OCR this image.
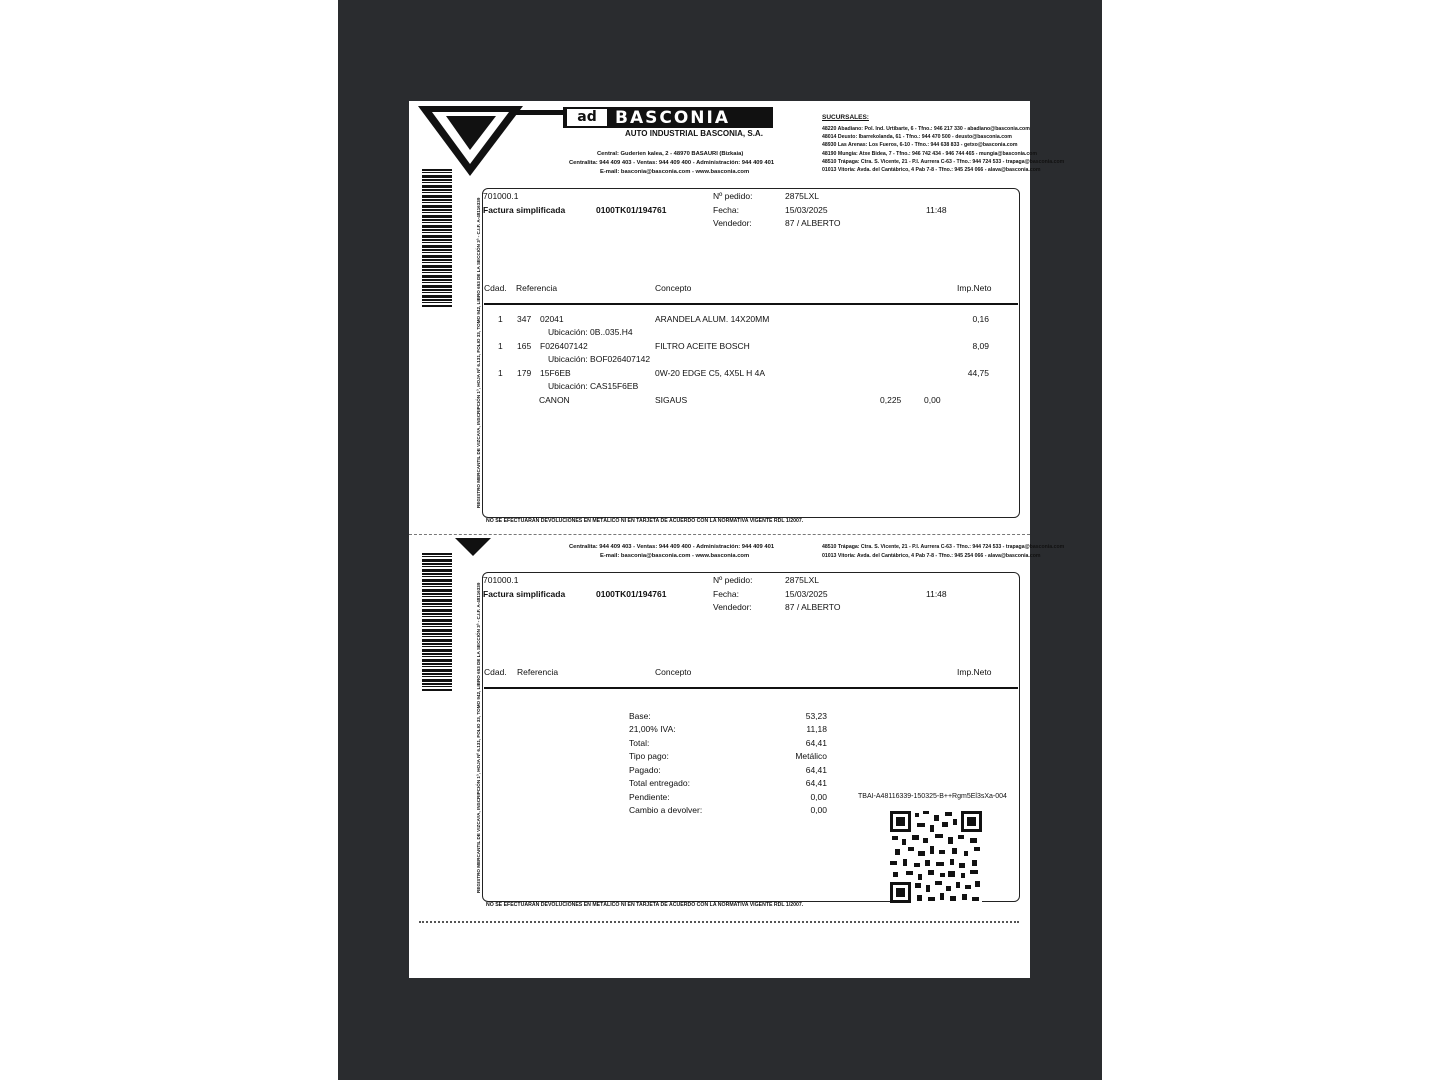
ad	BASCONIA
AUTO INDUSTRIAL BASCONIA, S.A.
Central: Guderien kalea, 2 - 48970 BASAURI (Bizkaia)
Centralita: 944 409 403 - Ventas: 944 409 400 - Administración: 944 409 401
E-mail: basconia@basconia.com - www.basconia.com
SUCURSALES:
48220 Abadiano: Pol. Ind. Urtibarte, 6 - Tfno.: 946 217 330 - abadiano@basconia.com
48014 Deusto: Ibarrekolanda, 61 - Tfno.: 944 470 500 - deusto@basconia.com
48930 Las Arenas: Los Fueros, 6-10 - Tfno.: 944 638 833 - getxo@basconia.com
48190 Mungia: Atxe Bidea, 7 - Tfno.: 946 742 434 - 946 744 465 - mungia@basconia.com
48510 Trápaga: Ctra. S. Vicente, 21 - P.I. Aurrera C-63 - Tfno.: 944 724 533 - trapaga@basconia.com
01013 Vitoria: Avda. del Cantábrico, 4 Pab 7-8 - Tfno.: 945 254 066 - alava@basconia.com
REGISTRO MERCANTIL DE VIZCAYA, INSCRIPCIÓN 1ª, HOJA Nº 6.131, FOLIO 33, TOMO 942, LIBRO 653 DE LA SECCIÓN 3ª - C.I.F. A-48116339
701000.1
Factura simplificada	0100TK01/194761
Nº pedido:	2875LXL
Fecha:	15/03/2025	11:48
Vendedor:	87 / ALBERTO
Cdad. Referencia	Concepto	Imp.Neto
1 347 02041	ARANDELA ALUM. 14X20MM	0,16
Ubicación: 0B..035.H4
1 165 F026407142	FILTRO ACEITE BOSCH	8,09
Ubicación: BOF026407142
1 179 15F6EB	0W-20 EDGE C5, 4X5L H 4A	44,75
Ubicación: CAS15F6EB
CANON	SIGAUS	0,225	0,00
NO SE EFECTUARÁN DEVOLUCIONES EN METÁLICO NI EN TARJETA DE ACUERDO CON LA NORMATIVA VIGENTE RDL 1/2007.
Centralita: 944 409 403 - Ventas: 944 409 400 - Administración: 944 409 401
E-mail: basconia@basconia.com - www.basconia.com
48510 Trápaga: Ctra. S. Vicente, 21 - P.I. Aurrera C-63 - Tfno.: 944 724 533 - trapaga@basconia.com
01013 Vitoria: Avda. del Cantábrico, 4 Pab 7-8 - Tfno.: 945 254 066 - alava@basconia.com
REGISTRO MERCANTIL DE VIZCAYA, INSCRIPCIÓN 1ª, HOJA Nº 6.131, FOLIO 33, TOMO 942, LIBRO 653 DE LA SECCIÓN 3ª - C.I.F. A-48116339
701000.1
Factura simplificada	0100TK01/194761
Nº pedido:	2875LXL
Fecha:	15/03/2025	11:48
Vendedor:	87 / ALBERTO
Cdad. Referencia	Concepto	Imp.Neto
Base:	53,23
21,00% IVA:	11,18
Total:	64,41
Tipo pago:	Metálico
Pagado:	64,41
Total entregado:	64,41
Pendiente:	0,00
Cambio a devolver:	0,00
TBAI-A48116339-150325-B++Rgm5El3sXa-004
NO SE EFECTUARÁN DEVOLUCIONES EN METÁLICO NI EN TARJETA DE ACUERDO CON LA NORMATIVA VIGENTE RDL 1/2007.
